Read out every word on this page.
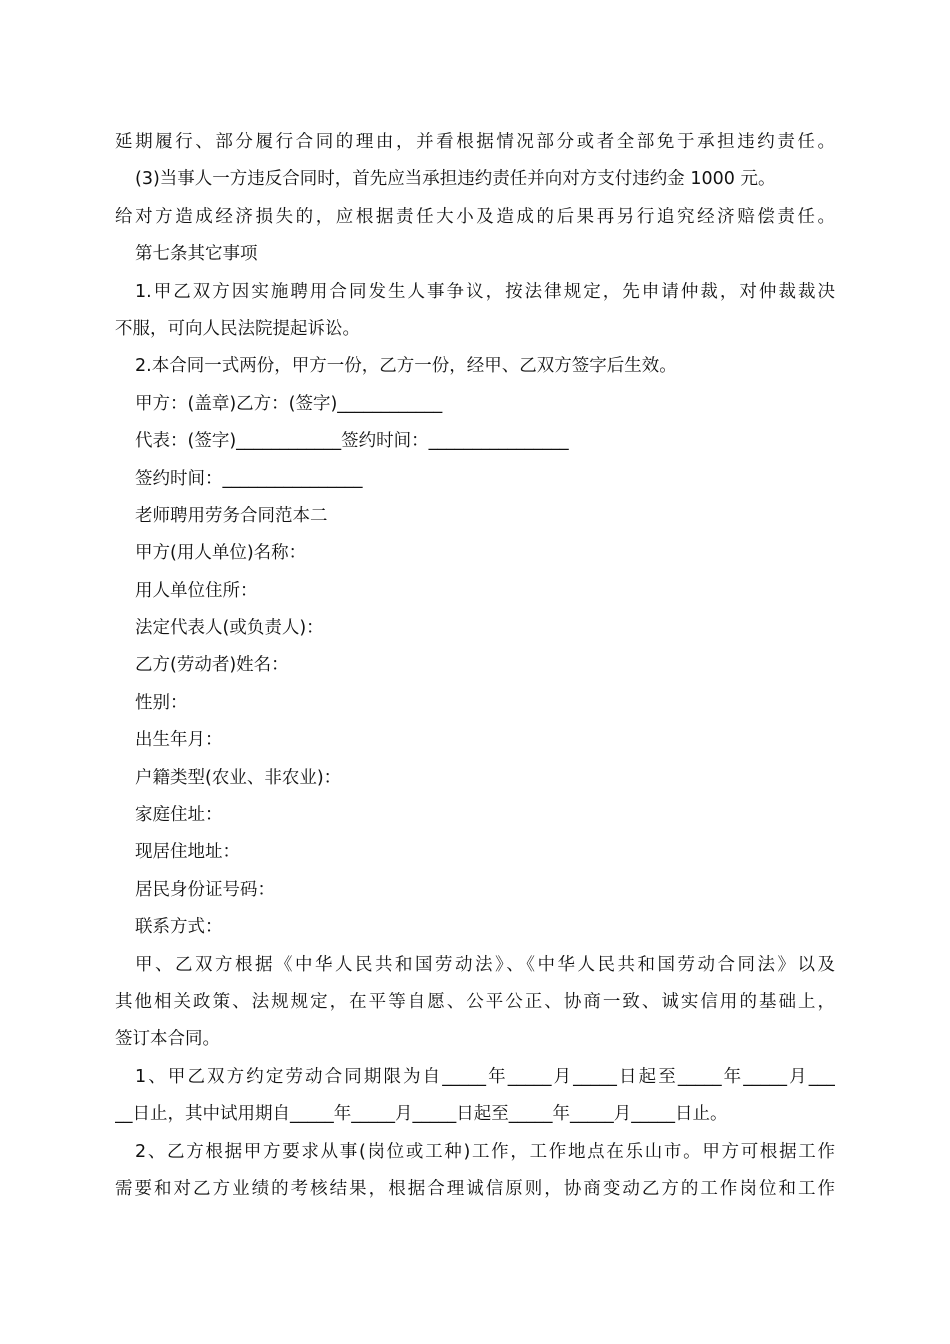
延期履行、部分履行合同的理由，并看根据情况部分或者全部免于承担违约责任。
(3)当事人一方违反合同时，首先应当承担违约责任并向对方支付违约金 1000 元。
给对方造成经济损失的，应根据责任大小及造成的后果再另行追究经济赔偿责任。
第七条其它事项
1.甲乙双方因实施聘用合同发生人事争议，按法律规定，先申请仲裁，对仲裁裁决
不服，可向人民法院提起诉讼。
2.本合同一式两份，甲方一份，乙方一份，经甲、乙双方签字后生效。
甲方：(盖章)乙方：(签字)____________
代表：(签字)____________签约时间：________________
签约时间：________________
老师聘用劳务合同范本二
甲方(用人单位)名称：
用人单位住所：
法定代表人(或负责人)：
乙方(劳动者)姓名：
性别：
出生年月：
户籍类型(农业、非农业)：
家庭住址：
现居住地址：
居民身份证号码：
联系方式：
甲、乙双方根据《中华人民共和国劳动法》、《中华人民共和国劳动合同法》以及
其他相关政策、法规规定，在平等自愿、公平公正、协商一致、诚实信用的基础上，
签订本合同。
1、甲乙双方约定劳动合同期限为自_____年_____月_____日起至_____年_____月___
__日止，其中试用期自_____年_____月_____日起至_____年_____月_____日止。
2、乙方根据甲方要求从事(岗位或工种)工作，工作地点在乐山市。甲方可根据工作
需要和对乙方业绩的考核结果，根据合理诚信原则，协商变动乙方的工作岗位和工作
